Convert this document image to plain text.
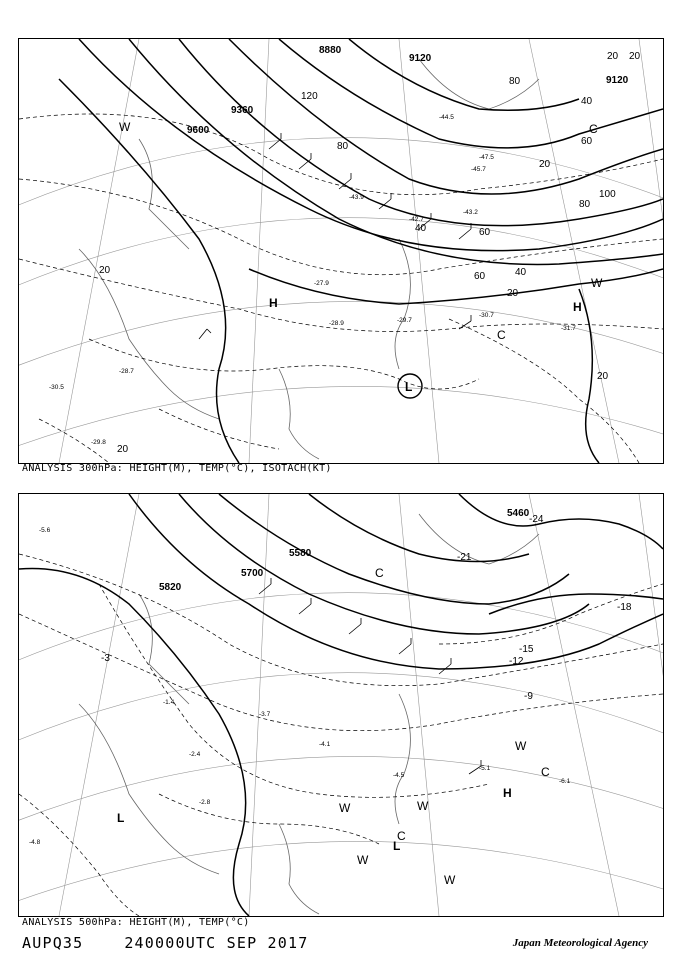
8880
9120
9120
9360
9600
20
40	60
80
100
80
60	40
20
20
40
60
80
120
20
20
20
20
H	H
L
C
C
W
W
-30.7
-31.7
-29.7
-28.9
-29.8
-30.5
-27.9
-28.7
-42.7
-43.9
-43.2
-44.5
-45.7
-47.5
ANALYSIS 300hPa: HEIGHT(M), TEMP(°C), ISOTACH(KT)
5820
5700
5580
5460
-3	-12
-15
-18
-21
-24
-9
H
L
L
C
C
C
W
W	W
W
W
-5.1
-4.5
-6.1
-2.8
-3.7
-4.1
-1.4
-2.4
-5.6
-4.8
ANALYSIS 500hPa: HEIGHT(M), TEMP(°C)
AUPQ35	240000UTC SEP 2017	Japan Meteorological Agency
